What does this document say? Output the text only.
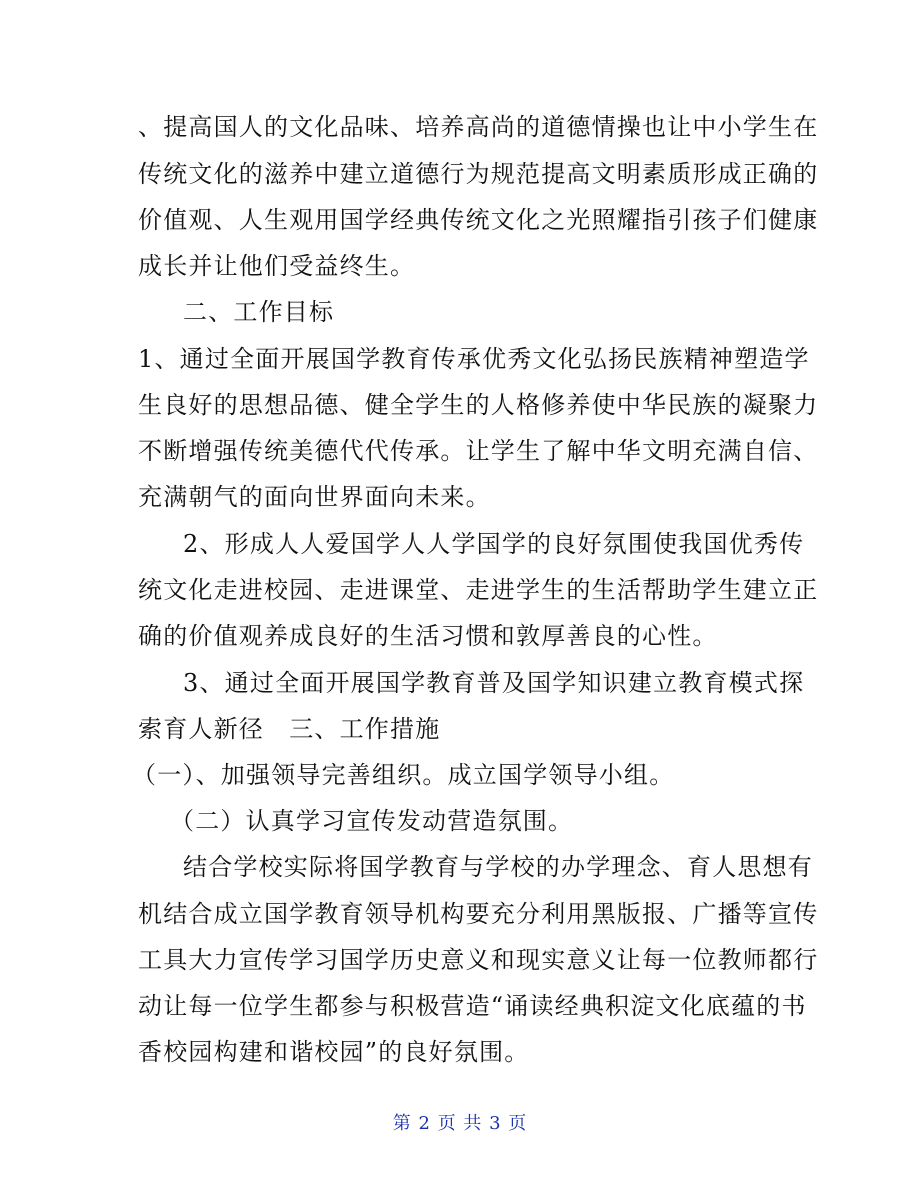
、提高国人的文化品味、培养高尚的道德情操也让中小学生在
传统文化的滋养中建立道德行为规范提高文明素质形成正确的
价值观、人生观用国学经典传统文化之光照耀指引孩子们健康
成长并让他们受益终生。
二、工作目标
1、通过全面开展国学教育传承优秀文化弘扬民族精神塑造学
生良好的思想品德、健全学生的人格修养使中华民族的凝聚力
不断增强传统美德代代传承。让学生了解中华文明充满自信、
充满朝气的面向世界面向未来。
2、形成人人爱国学人人学国学的良好氛围使我国优秀传
统文化走进校园、走进课堂、走进学生的生活帮助学生建立正
确的价值观养成良好的生活习惯和敦厚善良的心性。
3、通过全面开展国学教育普及国学知识建立教育模式探
索育人新径　三、工作措施
（一）、加强领导完善组织。成立国学领导小组。
（二）认真学习宣传发动营造氛围。
结合学校实际将国学教育与学校的办学理念、育人思想有
机结合成立国学教育领导机构要充分利用黑版报、广播等宣传
工具大力宣传学习国学历史意义和现实意义让每一位教师都行
动让每一位学生都参与积极营造“诵读经典积淀文化底蕴的书
香校园构建和谐校园”的良好氛围。
第 2 页 共 3 页
